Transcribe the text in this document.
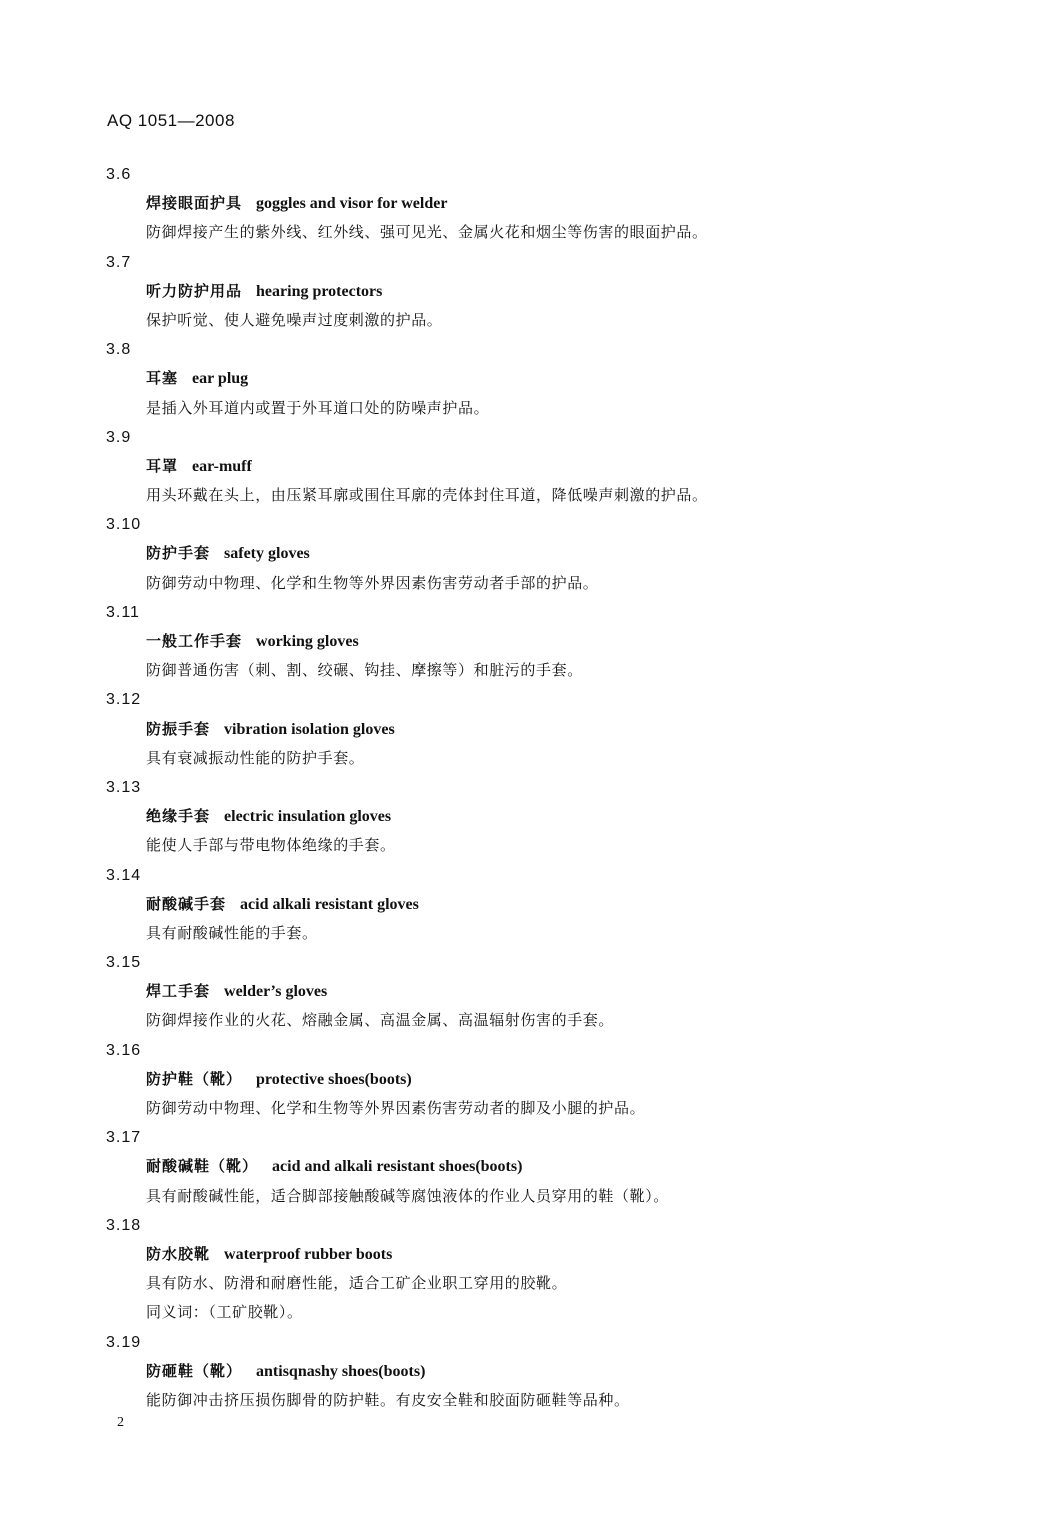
AQ 1051—2008
3.6
焊接眼面护具 goggles and visor for welder
防御焊接产生的紫外线、红外线、强可见光、金属火花和烟尘等伤害的眼面护品。
3.7
听力防护用品 hearing protectors
保护听觉、使人避免噪声过度刺激的护品。
3.8
耳塞 ear plug
是插入外耳道内或置于外耳道口处的防噪声护品。
3.9
耳罩 ear-muff
用头环戴在头上，由压紧耳廓或围住耳廓的壳体封住耳道，降低噪声刺激的护品。
3.10
防护手套 safety gloves
防御劳动中物理、化学和生物等外界因素伤害劳动者手部的护品。
3.11
一般工作手套 working gloves
防御普通伤害（刺、割、绞碾、钩挂、摩擦等）和脏污的手套。
3.12
防振手套 vibration isolation gloves
具有衰减振动性能的防护手套。
3.13
绝缘手套 electric insulation gloves
能使人手部与带电物体绝缘的手套。
3.14
耐酸碱手套 acid alkali resistant gloves
具有耐酸碱性能的手套。
3.15
焊工手套 welder’s gloves
防御焊接作业的火花、熔融金属、高温金属、高温辐射伤害的手套。
3.16
防护鞋（靴） protective shoes(boots)
防御劳动中物理、化学和生物等外界因素伤害劳动者的脚及小腿的护品。
3.17
耐酸碱鞋（靴） acid and alkali resistant shoes(boots)
具有耐酸碱性能，适合脚部接触酸碱等腐蚀液体的作业人员穿用的鞋（靴）。
3.18
防水胶靴 waterproof rubber boots
具有防水、防滑和耐磨性能，适合工矿企业职工穿用的胶靴。
同义词：（工矿胶靴）。
3.19
防砸鞋（靴） antisqnashy shoes(boots)
能防御冲击挤压损伤脚骨的防护鞋。有皮安全鞋和胶面防砸鞋等品种。
2
